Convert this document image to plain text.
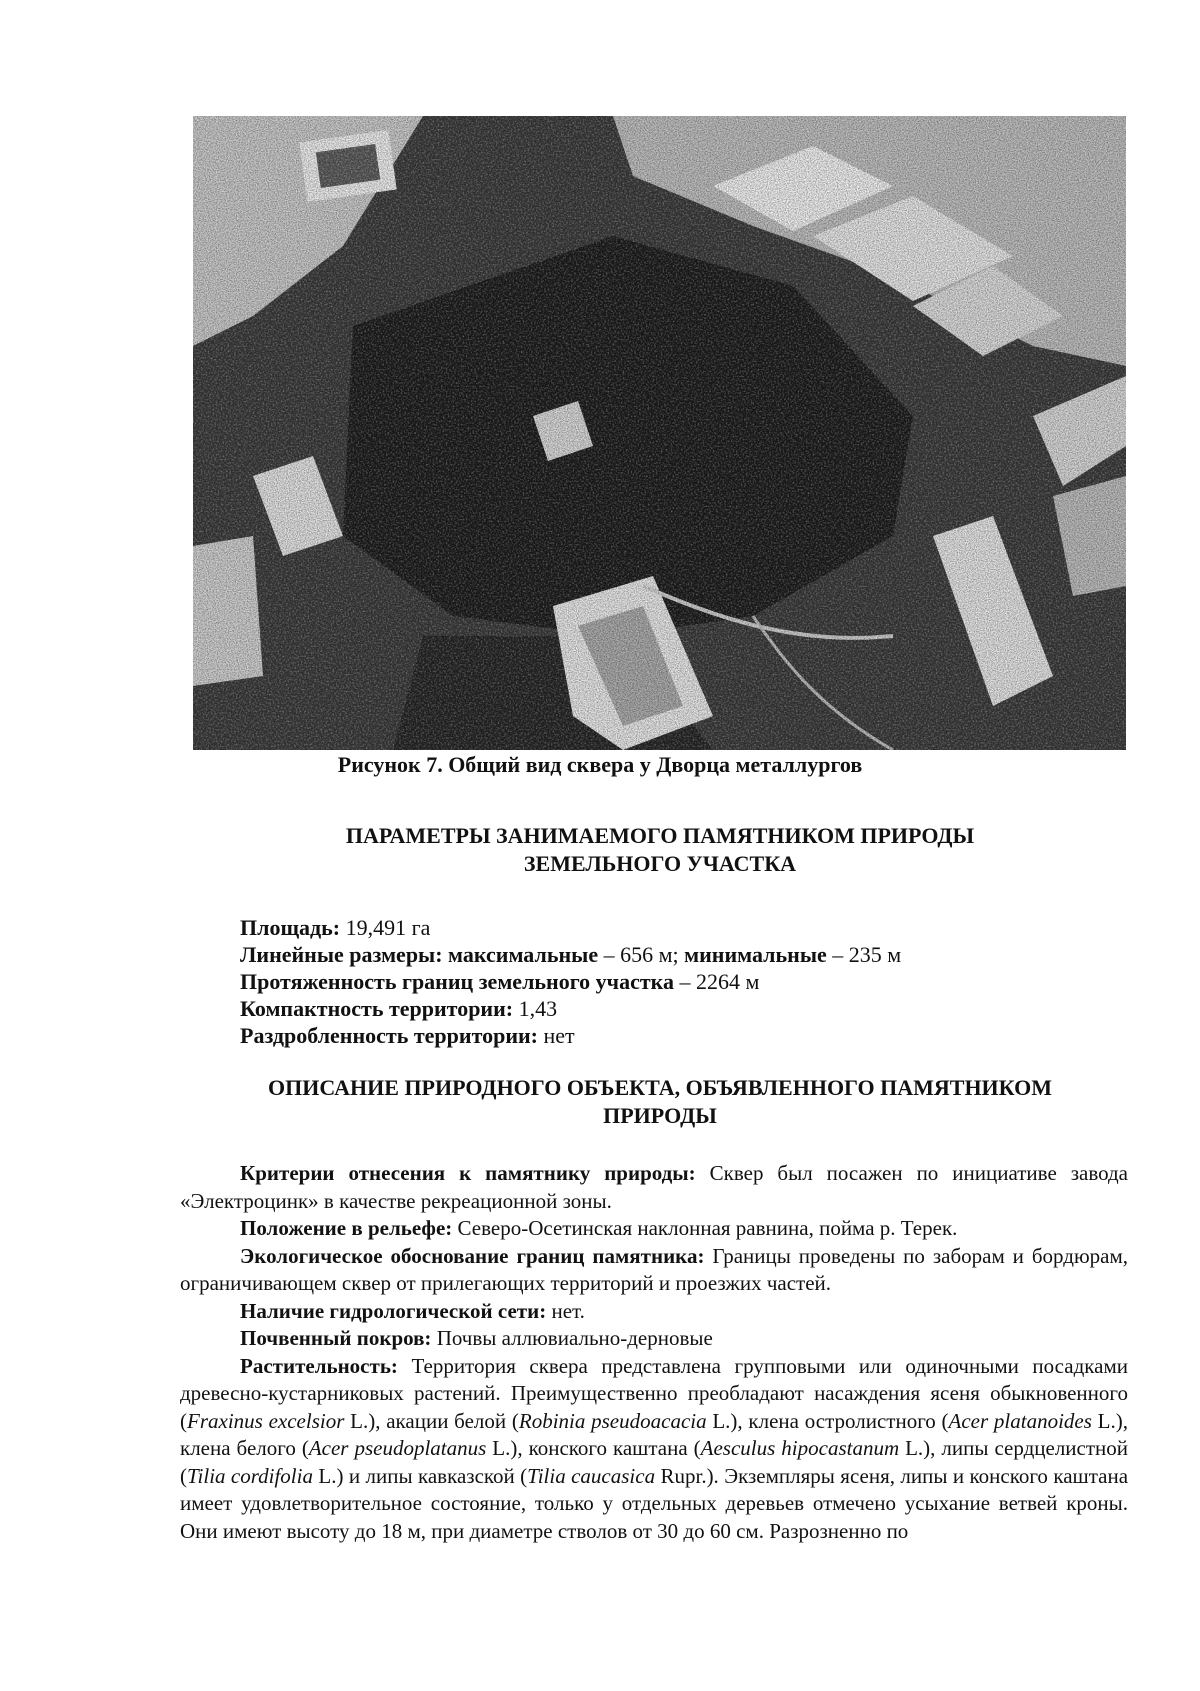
Рисунок 7. Общий вид сквера у Дворца металлургов
ПАРАМЕТРЫ ЗАНИМАЕМОГО ПАМЯТНИКОМ ПРИРОДЫ
ЗЕМЕЛЬНОГО УЧАСТКА
Площадь: 19,491 га
Линейные размеры: максимальные – 656 м; минимальные – 235 м
Протяженность границ земельного участка – 2264 м
Компактность территории: 1,43
Раздробленность территории: нет
ОПИСАНИЕ ПРИРОДНОГО ОБЪЕКТА, ОБЪЯВЛЕННОГО ПАМЯТНИКОМ
ПРИРОДЫ

Критерии отнесения к памятнику природы: Сквер был посажен по инициативе завода «Электроцинк» в качестве рекреационной зоны.

Положение в рельефе: Северо-Осетинская наклонная равнина, пойма р. Терек.

Экологическое обоснование границ памятника: Границы проведены по заборам и бордюрам, ограничивающем сквер от прилегающих территорий и проезжих частей.

Наличие гидрологической сети: нет.

Почвенный покров: Почвы аллювиально-дерновые

Растительность: Территория сквера представлена групповыми или одиночными посадками древесно-кустарниковых растений. Преимущественно преобладают насаждения ясеня обыкновенного (Fraxinus excelsior L.), акации белой (Robinia pseudoacacia L.), клена остролистного (Acer platanoides L.), клена белого (Acer pseudoplatanus L.), конского каштана (Aesculus hipocastanum L.), липы сердцелистной (Tilia cordifolia L.) и липы кавказской (Tilia caucasica Rupr.). Экземпляры ясеня, липы и конского каштана имеет удовлетворительное состояние, только у отдельных деревьев отмечено усыхание ветвей кроны. Они имеют высоту до 18 м, при диаметре стволов от 30 до 60 см. Разрозненно по
